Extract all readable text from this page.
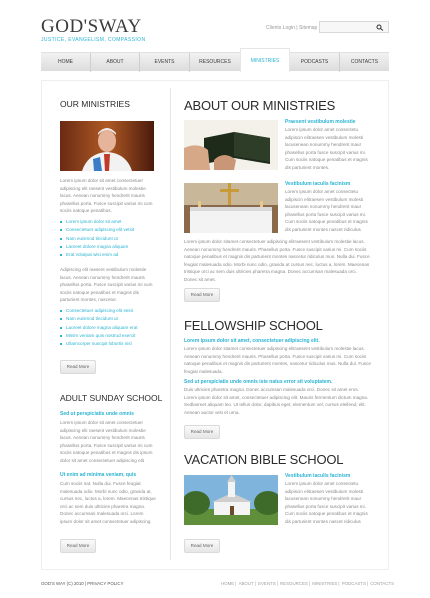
GOD'SWAY
JUSTICE, EVANGELISM, COMPASSION
Clients Login | Sitemap
HOME	ABOUT	EVENTS	RESOURCES	MINISTRIES	PODCASTS	CONTACTS
OUR MINISTRIES
Lorem ipsum dolor sit amet consectetuer adipiscing elit raesent vestibulum molestie lacus. Aenean nonummy hendrerit mauris phasellus porta. Fusce suscipit varius mi cum sociis natoque penatibus.
Lorem ipsum dolor sit amet
Consectetuer adipiscing elit vetsit
Nam euismod tincidunt ut
Laoreet dolore magna aliquam
Erat volutpat wisi enim ad
Adipiscing elit raesent vestibulum molestie lacus. Aenean nonummy hendrerit mauris phasellus porta. Fusce suscipit varius mi cum sociis natoque penatibus et magnis dis parturient montes, nascetur.
Consectetuer adipiscing elit sesit
Nam euismod tincidunt ut
Laoreet dolore magna aliquam erat
Minim veniam quis nostrud exercit
Ullamcorper suscipit lobortis nisl
Read More
ADULT SUNDAY SCHOOL
Sed ut perspiciatis unde omnis
Lorem ipsum dolor sit amet consectetuer adipiscing elit raesent vestibulum molestie lacus. Aenean nonummy hendrerit mauris phasellus porta. Fusce suscipit varius mi cum sociis natoque penatibus et magnis dis ipsum dolor sit amet consectetuer adipiscing elit
Ut enim ad minima veniam, quis
Cum sociis nat. Nulla dui. Fusce feugiat malesuada odio. Morbi nunc odio, gravida at, cursus nec, luctus a, lorem. Maecenas tristique orci ac sem duis ultricies pharetra magna. Donec accumsan malesuada orci. Lorem ipsum dolor sit amet consectetuer adipiscing
Read More
ABOUT OUR MINISTRIES
Praesent vestibulum molestie
Lorem ipsum dolor amet consectetu adipiscin elitraesen vestibulum molesti lacusenean nonummy hendrerit maur phasellus porta fusce suscipit varius mi. Cum sociis natoque penatibus et magnis dis parturient montes.
Vestibulum iaculis facinism
Lorem ipsum dolor amet consectetu adipiscin elitraesen vestibulum molesti lacusenean nonummy hendrerit maur phasellus porta fusce suscipit varius mi. Cum sociis natoque penatibus et magnis dis parturient montes nascet ridiculus
Lorem ipsum dolor sitamet consectetuer adipiscing elitraesent vestibulum molestie lacus. Aenean nonummy hendrerit mauris. Phasellus porta. Fusce suscipit varius mi. Cum sociis natoque penatibus et magnis dis parturient montes nascetur ridiculus mus. Nulla dui. Fusce feugiat malesuada odio. Morbi nunc odio, gravida at cursus nec, luctus a, lorem. Maecenas tristique orci ac sem duis ultricies pharetra magna. Donec accumsan malesuada orci. Donec sit amet.
Read More
FELLOWSHIP SCHOOL
Lorem ipsum dolor sit amet, consectetuer adipiscing elit.
Lorem ipsum dolor sitamet consectetuer adipiscing elitraesent vestibulum molestie lacus. Aenean nonummy hendrerit mauris. Phasellus porta. Fusce suscipit varius mi. Cum sociis natoque penatibus et magnis dis parturient montes, nascetur ridiculus mus. Nulla dui. Fusce feugiat malesuada.
Sed ut perspiciatis unde omnis iste natus error sit voluptatem.
Duis ultricies pharetra magna. Donec accumsan malesuada orci. Donec sit amet eros. Lorem ipsum dolor sit amet, consectetuer adipiscing elit. Mauris fermentum dictum magna. Sedlaoreet aliquam leo. Ut tellus dolor, dapibus eget, elementum vel, cursus eleifend, elit. Aenean auctor wisi et urna.
Read More
VACATION BIBLE SCHOOL
Vestibulum iaculis facinism
Lorem ipsum dolor amet consectetu adipiscin elitraesen vestibulum molesti lacusenean nonummy hendrerit maur phasellus porta fusce suscipit varius mi. Cum sociis natoque penatibus et magnis dis parturient montes nascet ridiculus
Read More
GOD'S WAY (C) 2010 | PRIVACY POLICY	HOME| ABOUT| EVENTS| RESOURCES| MINISTRIES| PODCASTS| CONTACTS
